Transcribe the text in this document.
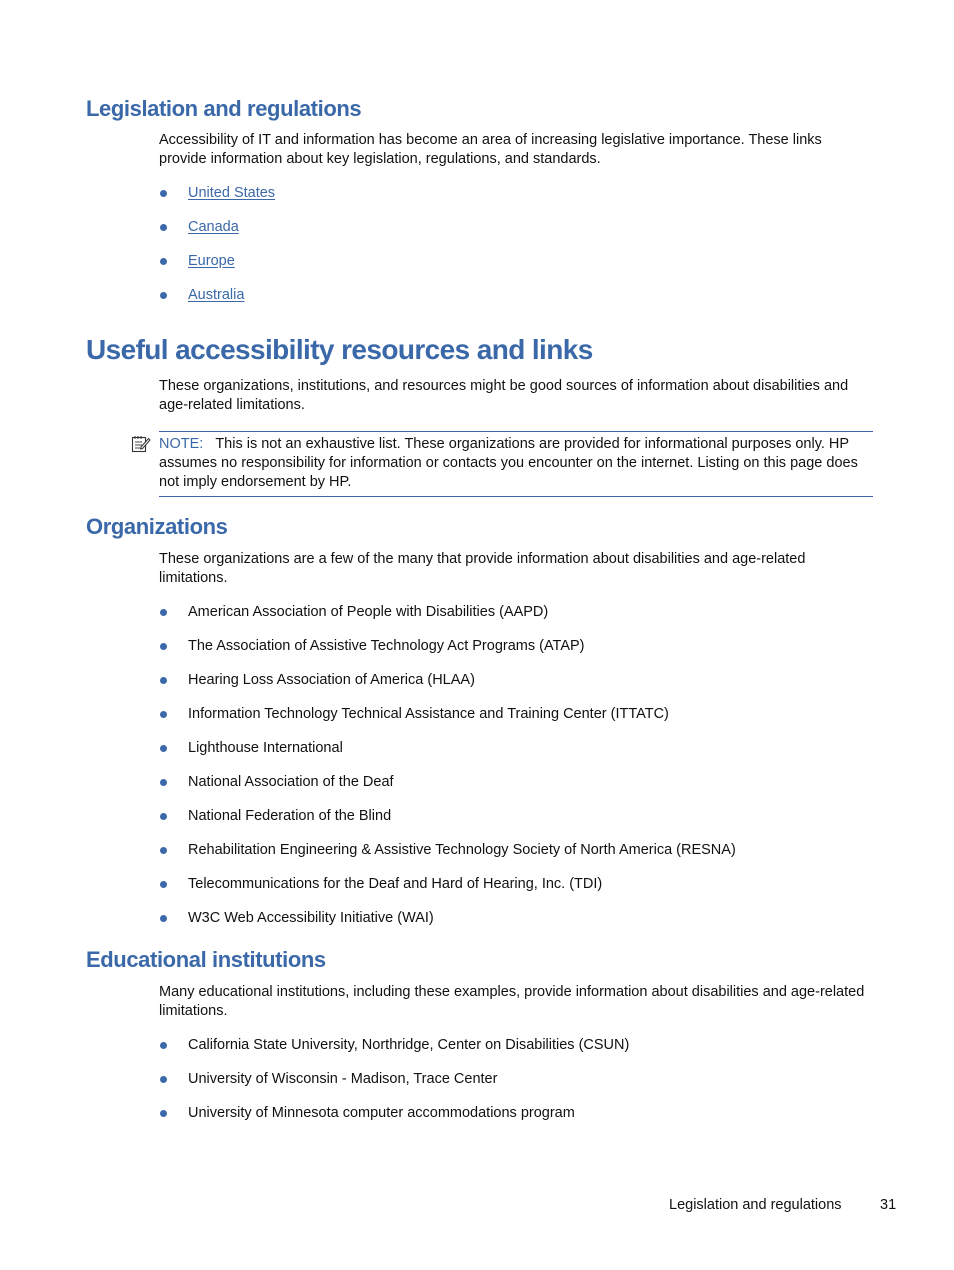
Legislation and regulations

Accessibility of IT and information has become an area of increasing legislative importance. These links provide information about key legislation, regulations, and standards.

United States
Canada
Europe
Australia
Useful accessibility resources and links

These organizations, institutions, and resources might be good sources of information about disabilities and age-related limitations.

NOTE: This is not an exhaustive list. These organizations are provided for informational purposes only. HP assumes no responsibility for information or contacts you encounter on the internet. Listing on this page does not imply endorsement by HP.

Organizations

These organizations are a few of the many that provide information about disabilities and age-related limitations.

American Association of People with Disabilities (AAPD)
The Association of Assistive Technology Act Programs (ATAP)
Hearing Loss Association of America (HLAA)
Information Technology Technical Assistance and Training Center (ITTATC)
Lighthouse International
National Association of the Deaf
National Federation of the Blind
Rehabilitation Engineering & Assistive Technology Society of North America (RESNA)
Telecommunications for the Deaf and Hard of Hearing, Inc. (TDI)
W3C Web Accessibility Initiative (WAI)
Educational institutions

Many educational institutions, including these examples, provide information about disabilities and age-related limitations.

California State University, Northridge, Center on Disabilities (CSUN)
University of Wisconsin - Madison, Trace Center
University of Minnesota computer accommodations program
Legislation and regulations	31
